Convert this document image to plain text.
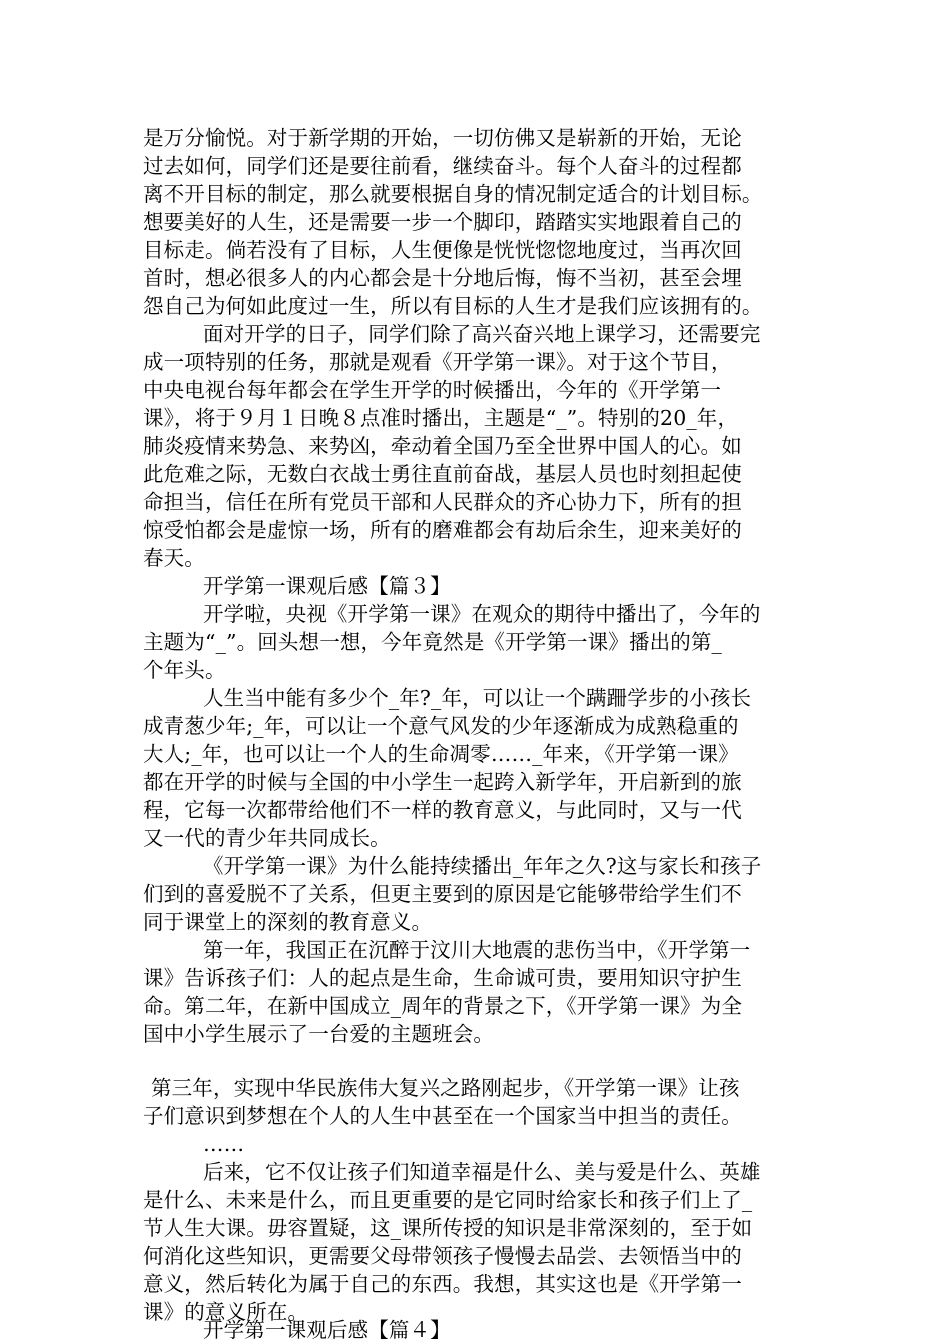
是万分愉悦。对于新学期的开始，一切仿佛又是崭新的开始，无论
过去如何，同学们还是要往前看，继续奋斗。每个人奋斗的过程都
离不开目标的制定，那么就要根据自身的情况制定适合的计划目标。
想要美好的人生，还是需要一步一个脚印，踏踏实实地跟着自己的
目标走。倘若没有了目标，人生便像是恍恍惚惚地度过，当再次回
首时，想必很多人的内心都会是十分地后悔，悔不当初，甚至会埋
怨自己为何如此度过一生，所以有目标的人生才是我们应该拥有的。
面对开学的日子，同学们除了高兴奋兴地上课学习，还需要完
成一项特别的任务，那就是观看《开学第一课》。对于这个节目，
中央电视台每年都会在学生开学的时候播出，今年的《开学第一
课》，将于９月１日晚８点准时播出，主题是“_”。特别的20_年，
肺炎疫情来势急、来势凶，牵动着全国乃至全世界中国人的心。如
此危难之际，无数白衣战士勇往直前奋战，基层人员也时刻担起使
命担当，信任在所有党员干部和人民群众的齐心协力下，所有的担
惊受怕都会是虚惊一场，所有的磨难都会有劫后余生，迎来美好的
春天。
开学第一课观后感【篇３】
开学啦，央视《开学第一课》在观众的期待中播出了，今年的
主题为“_”。回头想一想，今年竟然是《开学第一课》播出的第_
个年头。
人生当中能有多少个_年?_年，可以让一个蹒跚学步的小孩长
成青葱少年;_年，可以让一个意气风发的少年逐渐成为成熟稳重的
大人;_年，也可以让一个人的生命凋零……_年来，《开学第一课》
都在开学的时候与全国的中小学生一起跨入新学年，开启新到的旅
程，它每一次都带给他们不一样的教育意义，与此同时，又与一代
又一代的青少年共同成长。
《开学第一课》为什么能持续播出_年年之久?这与家长和孩子
们到的喜爱脱不了关系，但更主要到的原因是它能够带给学生们不
同于课堂上的深刻的教育意义。
第一年，我国正在沉醉于汶川大地震的悲伤当中，《开学第一
课》告诉孩子们：人的起点是生命，生命诚可贵，要用知识守护生
命。第二年，在新中国成立_周年的背景之下，《开学第一课》为全
国中小学生展示了一台爱的主题班会。
第三年，实现中华民族伟大复兴之路刚起步，《开学第一课》让孩
子们意识到梦想在个人的人生中甚至在一个国家当中担当的责任。
……
后来，它不仅让孩子们知道幸福是什么、美与爱是什么、英雄
是什么、未来是什么，而且更重要的是它同时给家长和孩子们上了_
节人生大课。毋容置疑，这_课所传授的知识是非常深刻的，至于如
何消化这些知识，更需要父母带领孩子慢慢去品尝、去领悟当中的
意义，然后转化为属于自己的东西。我想，其实这也是《开学第一
课》的意义所在。
开学第一课观后感【篇４】
